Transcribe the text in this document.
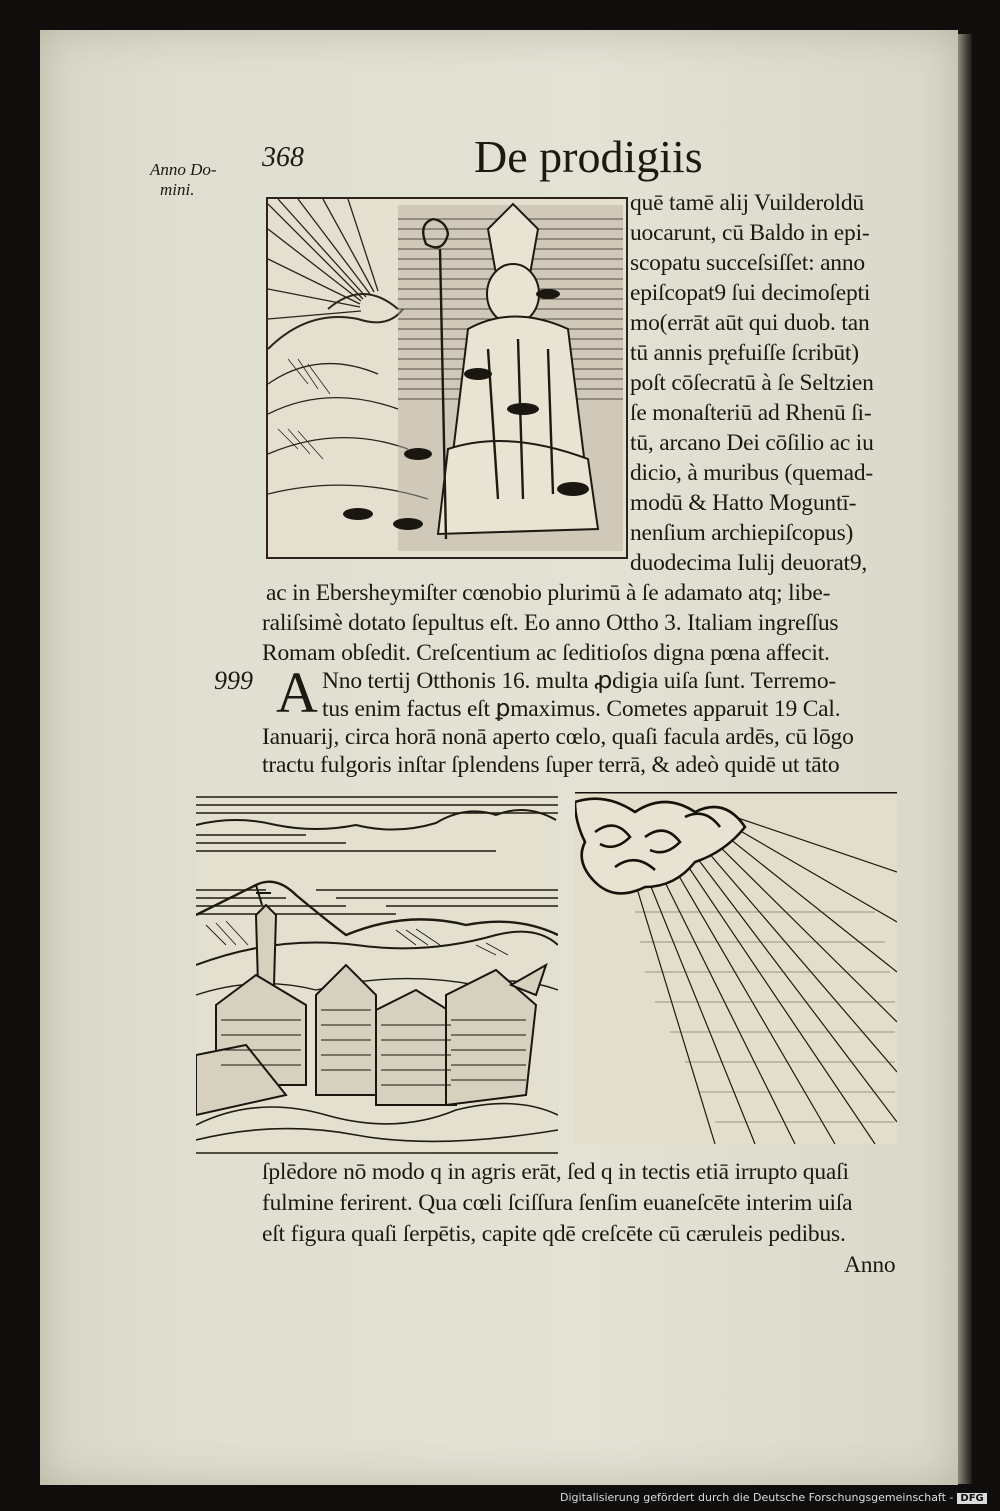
Anno Do-
mini.
368	De prodigiis
quē tamē alij Vuilderoldū
uocarunt, cū Baldo in epi-
scopatu succeſsiſſet: anno
epiſcopat9 ſui decimoſepti
mo(errāt aūt qui duob. tan
tū annis pr̨efuiſſe ſcribūt)
poſt cōſecratū à ſe Seltzien
ſe monaſteriū ad Rhenū ſi-
tū, arcano Dei cōſilio ac iu
dicio, à muribus (quemad-
modū & Hatto Moguntī-
nenſium archiepiſcopus)
duodecima Iulij deuorat9,
ac in Ebersheymiſter cœnobio plurimū à ſe adamato atq; libe-
raliſsimè dotato ſepultus eſt. Eo anno Ottho 3. Italiam ingreſſus
Romam obſedit. Creſcentium ac ſeditioſos digna pœna affecit.
999 A Nno tertij Otthonis 16. multa ꝓdigia uiſa ſunt. Terremo-
tus enim factus eſt ꝑmaximus. Cometes apparuit 19 Cal.
Ianuarij, circa horā nonā aperto cœlo, quaſi facula ardēs, cū lōgo
tractu fulgoris inſtar ſplendens ſuper terrā, & adeò quidē ut tāto
ſplēdore nō modo q in agris erāt, ſed q in tectis etiā irrupto quaſi
fulmine ferirent. Qua cœli ſciſſura ſenſim euaneſcēte interim uiſa
eſt figura quaſi ſerpētis, capite qdē creſcēte cū cæruleis pedibus.
Anno
Digitalisierung gefördert durch die Deutsche Forschungsgemeinschaft - DFG
